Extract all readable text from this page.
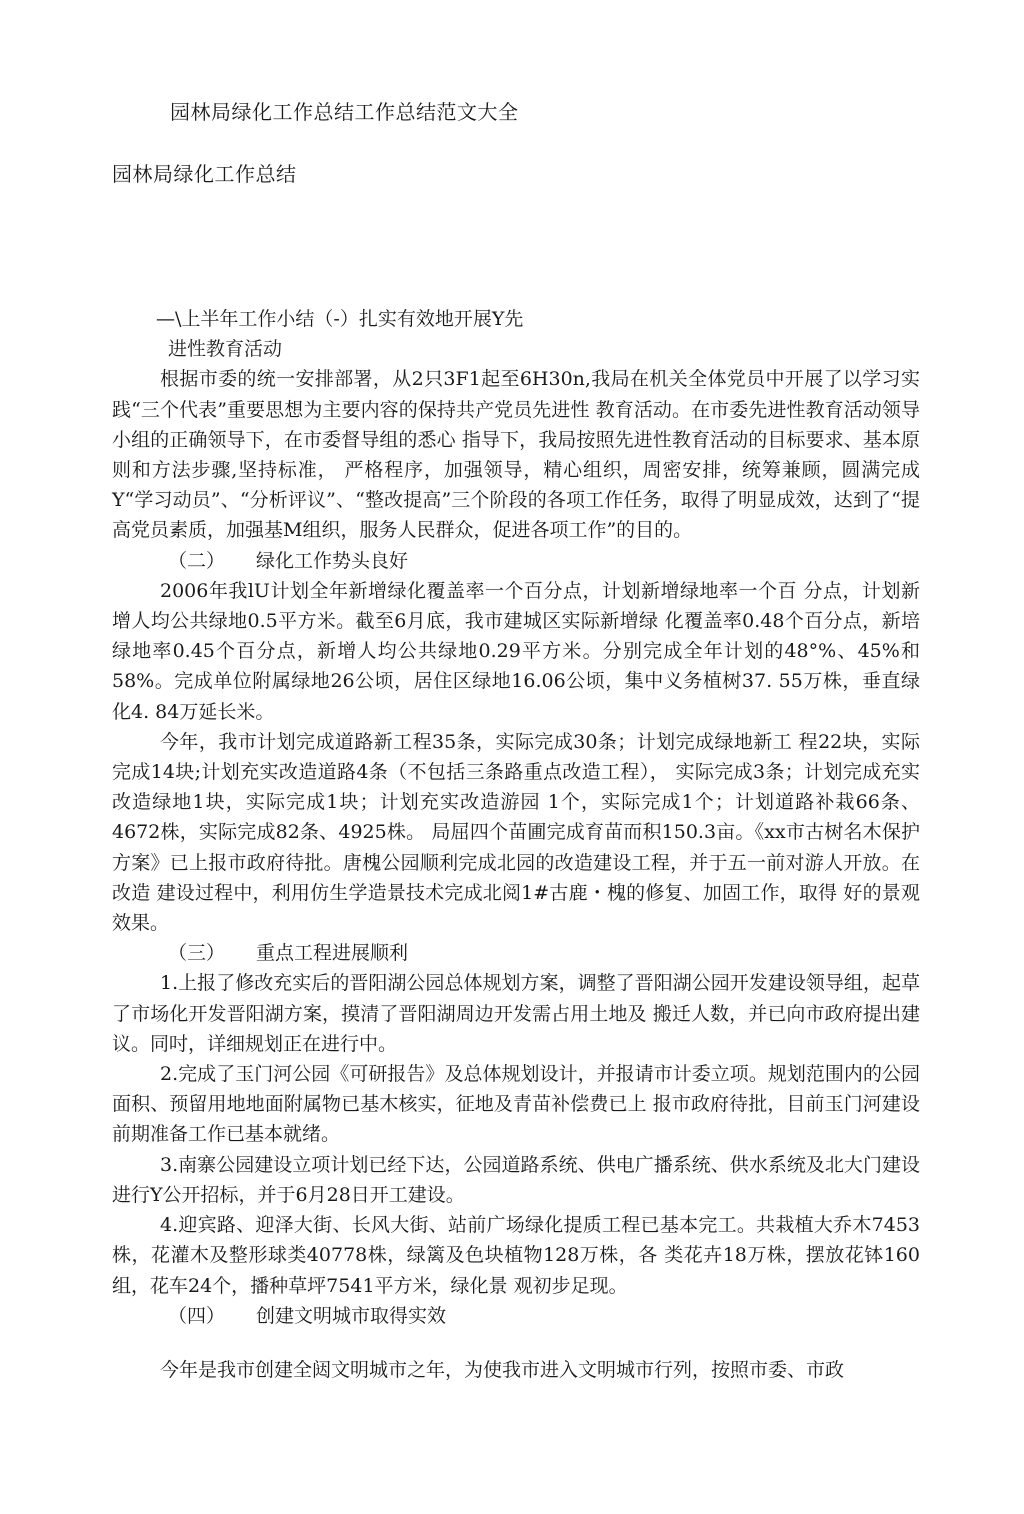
园林局绿化工作总结工作总结范文大全
园林局绿化工作总结

—\上半年工作小结（-）扎实有效地开展Y先

进性教育活动

根据市委的统一安排部署，从2只3F1起至6H30n,我局在机关全体党员中开展了以学习实践“三个代表”重要思想为主要内容的保持共产党员先进性 教育活动。在市委先进性教育活动领导小组的正确领导下，在市委督导组的悉心 指导下，我局按照先进性教育活动的目标要求、基本原则和方法步骤,坚持标准， 严格程序，加强领导，精心组织，周密安排，统筹兼顾，圆满完成Y“学习动员”、“分析评议”、“整改提高”三个阶段的各项工作任务，取得了明显成效，达到了“提高党员素质，加强基M组织，服务人民群众，促进各项工作”的目的。

（二） 绿化工作势头良好

2006年我lU计划全年新增绿化覆盖率一个百分点，计划新增绿地率一个百 分点，计划新增人均公共绿地0.5平方米。截至6月底，我市建城区实际新增绿 化覆盖率0.48个百分点，新培绿地率0.45个百分点，新增人均公共绿地0.29平方米。分别完成全年计划的48°%、45%和58%。完成单位附属绿地26公顷，居住区绿地16.06公顷，集中义务植树37. 55万株，垂直绿化4. 84万延长米。

今年，我市计划完成道路新工程35条，实际完成30条；计划完成绿地新工 程22块，实际完成14块;计划充实改造道路4条（不包括三条路重点改造工程）， 实际完成3条；计划完成充实改造绿地1块，实际完成1块；计划充实改造游园 1个，实际完成1个；计划道路补栽66条、4672株，实际完成82条、4925株。 局屈四个苗圃完成育苗而积150.3亩。《xx市古树名木保护方案》已上报市政府待批。唐槐公园顺利完成北园的改造建设工程，并于五一前对游人开放。在改造 建设过程中，利用仿生学造景技术完成北阅1#古鹿・槐的修复、加固工作，取得 好的景观效果。

（三） 重点工程进展顺利

1.上报了修改充实后的晋阳湖公园总体规划方案，调整了晋阳湖公园开发建设领导组，起草了市场化开发晋阳湖方案，摸清了晋阳湖周边开发需占用土地及 搬迁人数，并已向市政府提出建议。同吋，详细规划正在进行中。

2.完成了玉门河公园《可研报告》及总体规划设计，并报请市计委立项。规划范围内的公园面积、预留用地地面附属物已基木核实，征地及青苗补偿费已上 报市政府待批，目前玉门河建设前期准备工作已基本就绪。

3.南寨公园建设立项计划已经下达，公园道路系统、供电广播系统、供水系统及北大门建设进行Y公开招标，并于6月28日开工建设。

4.迎宾路、迎泽大街、长风大街、站前广场绿化提质工程已基本完工。共栽植大乔木7453株，花灌木及整形球类40778株，绿篱及色块植物128万株，各 类花卉18万株，摆放花钵160组，花车24个，播种草坪7541平方米，绿化景 观初步足现。

（四） 创建文明城市取得实效

今年是我市创建全闼文明城市之年，为使我市进入文明城市行列，按照市委、市政
